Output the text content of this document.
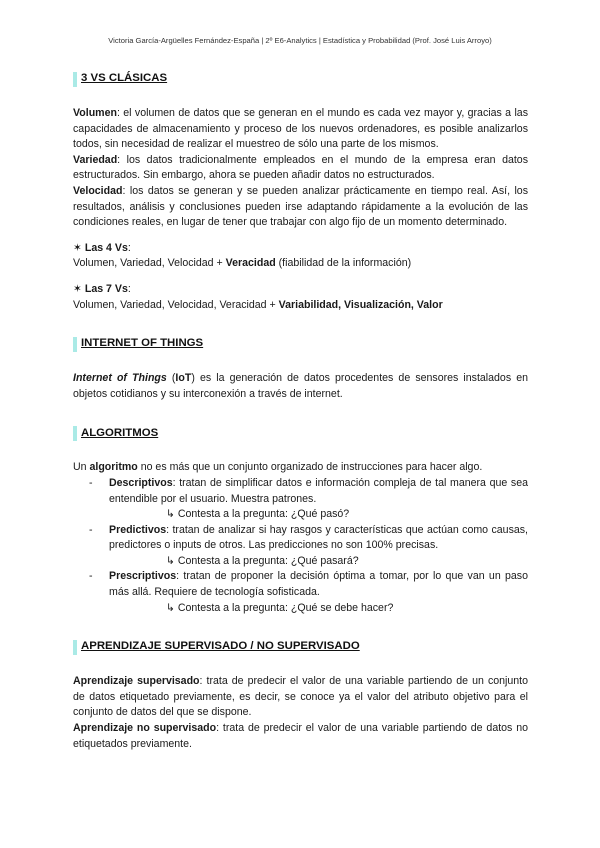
Victoria García-Argüelles Fernández-España | 2º E6-Analytics | Estadística y Probabilidad (Prof. José Luis Arroyo)
3 VS CLÁSICAS

Volumen: el volumen de datos que se generan en el mundo es cada vez mayor y, gracias a las capacidades de almacenamiento y proceso de los nuevos ordenadores, es posible analizarlos todos, sin necesidad de realizar el muestreo de sólo una parte de los mismos.

Variedad: los datos tradicionalmente empleados en el mundo de la empresa eran datos estructurados. Sin embargo, ahora se pueden añadir datos no estructurados.

Velocidad: los datos se generan y se pueden analizar prácticamente en tiempo real. Así, los resultados, análisis y conclusiones pueden irse adaptando rápidamente a la evolución de las condiciones reales, en lugar de tener que trabajar con algo fijo de un momento determinado.

✶ Las 4 Vs:
Volumen, Variedad, Velocidad + Veracidad (fiabilidad de la información)
✶ Las 7 Vs:
Volumen, Variedad, Velocidad, Veracidad + Variabilidad, Visualización, Valor
INTERNET OF THINGS

Internet of Things (IoT) es la generación de datos procedentes de sensores instalados en objetos cotidianos y su interconexión a través de internet.

ALGORITMOS
Un algoritmo no es más que un conjunto organizado de instrucciones para hacer algo.
- Descriptivos: tratan de simplificar datos e información compleja de tal manera que sea entendible por el usuario. Muestra patrones.
↳ Contesta a la pregunta: ¿Qué pasó?
- Predictivos: tratan de analizar si hay rasgos y características que actúan como causas, predictores o inputs de otros. Las predicciones no son 100% precisas.
↳ Contesta a la pregunta: ¿Qué pasará?
- Prescriptivos: tratan de proponer la decisión óptima a tomar, por lo que van un paso más allá. Requiere de tecnología sofisticada.
↳ Contesta a la pregunta: ¿Qué se debe hacer?
APRENDIZAJE SUPERVISADO / NO SUPERVISADO

Aprendizaje supervisado: trata de predecir el valor de una variable partiendo de un conjunto de datos etiquetado previamente, es decir, se conoce ya el valor del atributo objetivo para el conjunto de datos del que se dispone.

Aprendizaje no supervisado: trata de predecir el valor de una variable partiendo de datos no etiquetados previamente.
